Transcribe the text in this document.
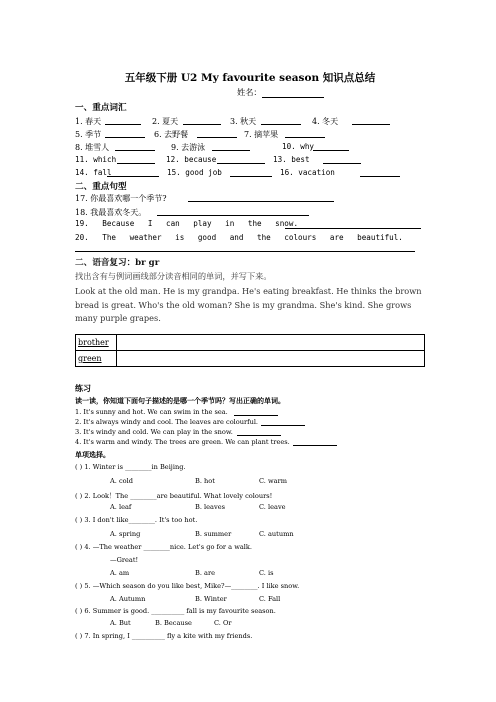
五年级下册 U2 My favourite season 知识点总结
姓名：
一、重点词汇
1. 春天	2. 夏天	3. 秋天	4. 冬天
5. 季节	6. 去野餐	7. 摘苹果
8. 堆雪人	9. 去游泳	10. why
11. which	12. because	13. best
14. fall	15. good job	16. vacation
二、重点句型
17. 你最喜欢哪一个季节?
18. 我最喜欢冬天。
19. Because I can play in the snow.
20. The weather is good and the colours are beautiful.
二、语音复习：br gr
找出含有与例词画线部分读音相同的单词，并写下来。
Look at the old man. He is my grandpa. He's eating breakfast. He thinks the brown bread is great. Who's the old woman? She is my grandma. She's kind. She grows many purple grapes.
brother	
green	
练习
读一读，你知道下面句子描述的是哪一个季节吗？写出正确的单词。
1. It's sunny and hot. We can swim in the sea.
2. It's always windy and cool. The leaves are colourful.
3. It's windy and cold. We can play in the snow.
4. It's warm and windy. The trees are green. We can plant trees.
单项选择。
( ) 1. Winter is ________in Beijing.
A. cold	B. hot	C. warm
( ) 2. Look！The ________are beautiful. What lovely colours!
A. leaf	B. leaves	C. leave
( ) 3. I don't like________. It's too hot.
A. spring	B. summer	C. autumn
( ) 4. —The weather ________nice. Let's go for a walk.
—Great!
A. am	B. are	C. is
( ) 5. —Which season do you like best, Mike?—________. I like snow.
A. Autumn	B. Winter	C. Fall
( ) 6. Summer is good. __________ fall is my favourite season.
A. But	B. Because	C. Or
( ) 7. In spring, I __________ fly a kite with my friends.
